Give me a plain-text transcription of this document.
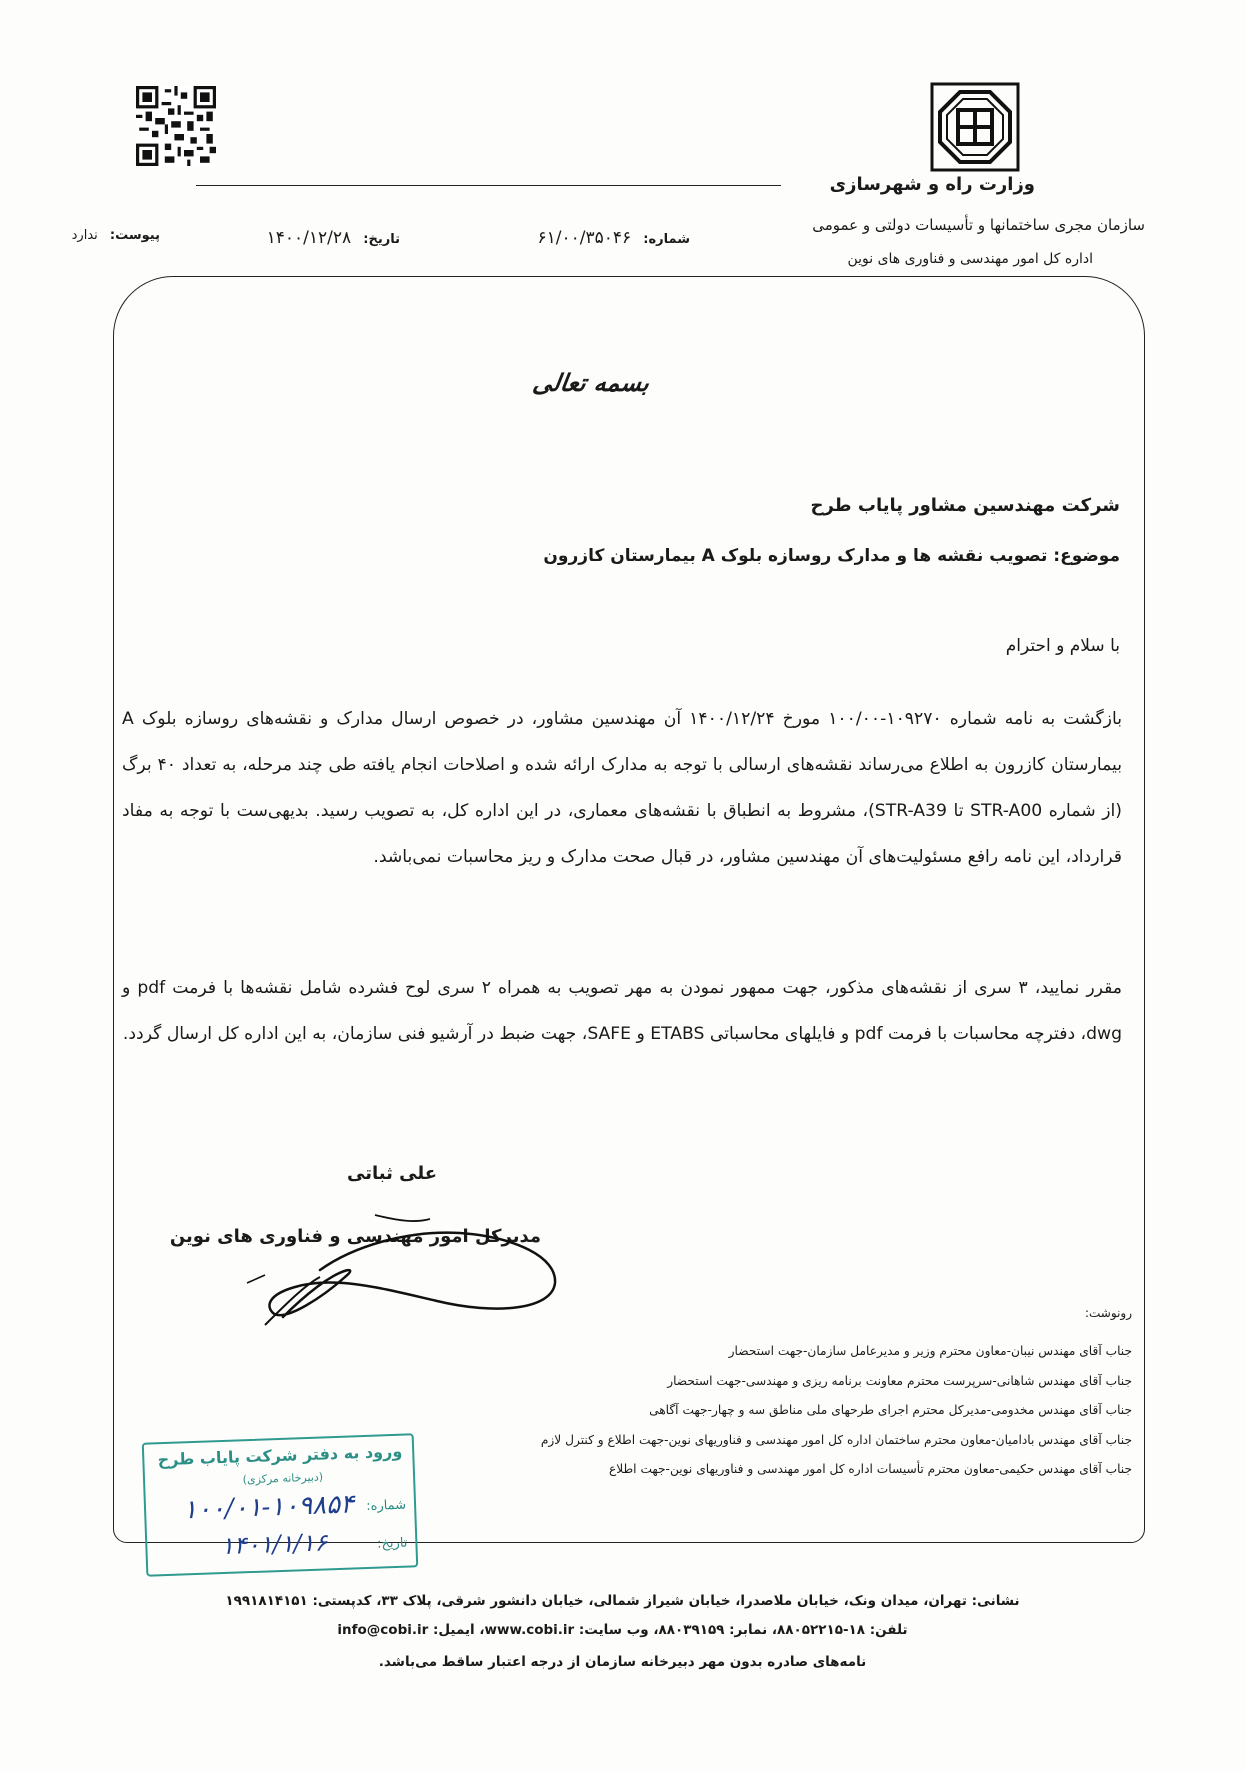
وزارت راه و شهرسازی
سازمان مجری ساختمانها و تأسیسات دولتی و عمومی
اداره کل امور مهندسی و فناوری های نوین
شماره: ۶۱/۰۰/۳۵۰۴۶
تاریخ: ۱۴۰۰/۱۲/۲۸
پیوست: ندارد
بسمه تعالی
شرکت مهندسین مشاور پایاب طرح
موضوع: تصویب نقشه ها و مدارک روسازه بلوک A بیمارستان کازرون
با سلام و احترام
بازگشت به نامه شماره ۱۰۹۲۷۰-۱۰۰/۰۰ مورخ ۱۴۰۰/۱۲/۲۴ آن مهندسین مشاور، در خصوص ارسال مدارک و نقشه‌های روسازه بلوک A بیمارستان کازرون به اطلاع می‌رساند نقشه‌های ارسالی با توجه به مدارک ارائه شده و اصلاحات انجام یافته طی چند مرحله، به تعداد ۴۰ برگ (از شماره STR-A00 تا STR-A39)، مشروط به انطباق با نقشه‌های معماری، در این اداره کل، به تصویب رسید. بدیهی‌ست با توجه به مفاد قرارداد، این نامه رافع مسئولیت‌های آن مهندسین مشاور، در قبال صحت مدارک و ریز محاسبات نمی‌باشد.
مقرر نمایید، ۳ سری از نقشه‌های مذکور، جهت ممهور نمودن به مهر تصویب به همراه ۲ سری لوح فشرده شامل نقشه‌ها با فرمت pdf و dwg، دفترچه محاسبات با فرمت pdf و فایلهای محاسباتی ETABS و SAFE، جهت ضبط در آرشیو فنی سازمان، به این اداره کل ارسال گردد.
علی ثباتی
مدیرکل امور مهندسی و فناوری های نوین
رونوشت:
جناب آقای مهندس نیبان-معاون محترم وزیر و مدیرعامل سازمان-جهت استحضار
جناب آقای مهندس شاهانی-سرپرست محترم معاونت برنامه ریزی و مهندسی-جهت استحضار
جناب آقای مهندس مخدومی-مدیرکل محترم اجرای طرحهای ملی مناطق سه و چهار-جهت آگاهی
جناب آقای مهندس بادامیان-معاون محترم ساختمان اداره کل امور مهندسی و فناوریهای نوین-جهت اطلاع و کنترل لازم
جناب آقای مهندس حکیمی-معاون محترم تأسیسات اداره کل امور مهندسی و فناوریهای نوین-جهت اطلاع
ورود به دفتر شرکت پایاب طرح
(دبیرخانه مرکزی)
شماره:
۱۰۰/۰۱-۱۰۹۸۵۴
تاریخ:
۱۴۰۱/۱/۱۶
نشانی: تهران، میدان ونک، خیابان ملاصدرا، خیابان شیراز شمالی، خیابان دانشور شرقی، پلاک ۳۳، کدپستی: ۱۹۹۱۸۱۴۱۵۱
تلفن: ۱۸-۸۸۰۵۲۲۱۵، نمابر: ۸۸۰۳۹۱۵۹، وب سایت: www.cobi.ir، ایمیل: info@cobi.ir
نامه‌های صادره بدون مهر دبیرخانه سازمان از درجه اعتبار ساقط می‌باشد.
